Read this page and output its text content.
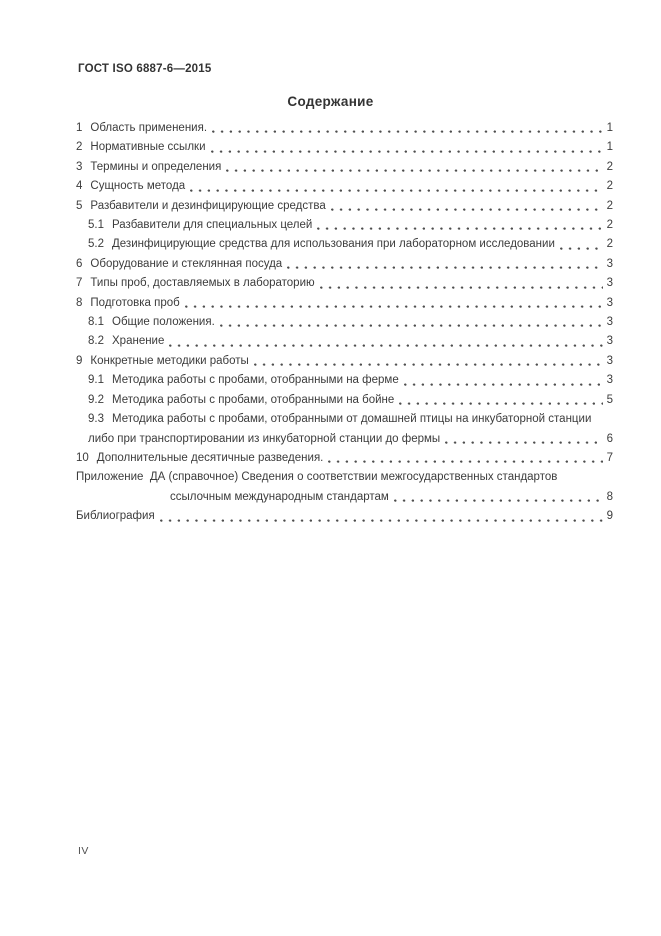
ГОСТ ISO 6887-6—2015
Содержание
1 Область применения.	1
2 Нормативные ссылки	1
3 Термины и определения	2
4 Сущность метода	2
5 Разбавители и дезинфицирующие средства	2
5.1 Разбавители для специальных целей	2
5.2 Дезинфицирующие средства для использования при лабораторном исследовании	2
6 Оборудование и стеклянная посуда	3
7 Типы проб, доставляемых в лабораторию	3
8 Подготовка проб	3
8.1 Общие положения.	3
8.2 Хранение	3
9 Конкретные методики работы	3
9.1 Методика работы с пробами, отобранными на ферме	3
9.2 Методика работы с пробами, отобранными на бойне	5
9.3 Методика работы с пробами, отобранными от домашней птицы на инкубаторной станции
либо при транспортировании из инкубаторной станции до фермы	6
10 Дополнительные десятичные разведения.	7
Приложение  ДА (справочное) Сведения о соответствии межгосударственных стандартов
ссылочным международным стандартам	8
Библиография	9
IV
